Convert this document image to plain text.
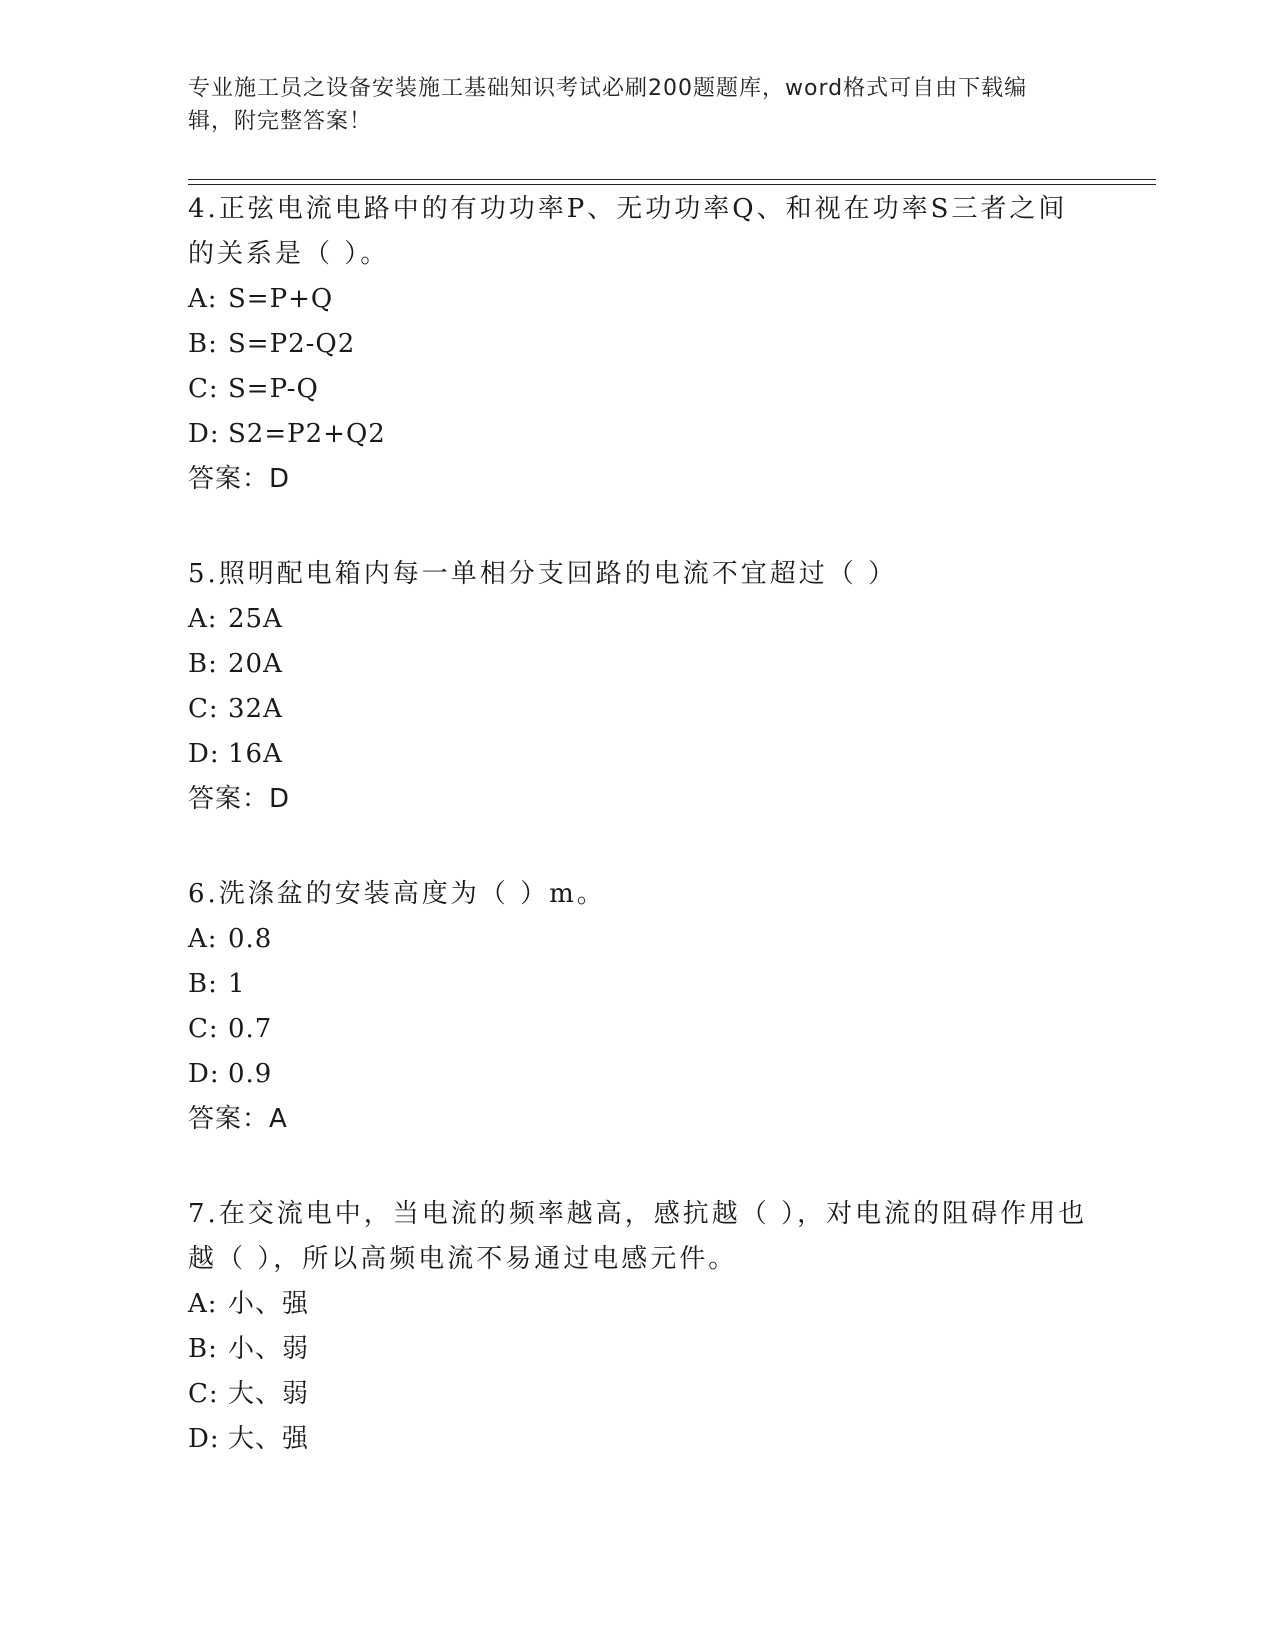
专业施工员之设备安装施工基础知识考试必刷200题题库，word格式可自由下载编辑，附完整答案！

4.正弦电流电路中的有功功率P、无功功率Q、和视在功率S三者之间的关系是（ ）。

A: S=P+Q

B: S=P2-Q2

C: S=P-Q

D: S2=P2+Q2

答案：D

5.照明配电箱内每一单相分支回路的电流不宜超过（ ）

A: 25A

B: 20A

C: 32A

D: 16A

答案：D

6.洗涤盆的安装高度为（ ）m。

A: 0.8

B: 1

C: 0.7

D: 0.9

答案：A

7.在交流电中，当电流的频率越高，感抗越（ ），对电流的阻碍作用也越（ ），所以高频电流不易通过电感元件。

A: 小、强

B: 小、弱

C: 大、弱

D: 大、强
